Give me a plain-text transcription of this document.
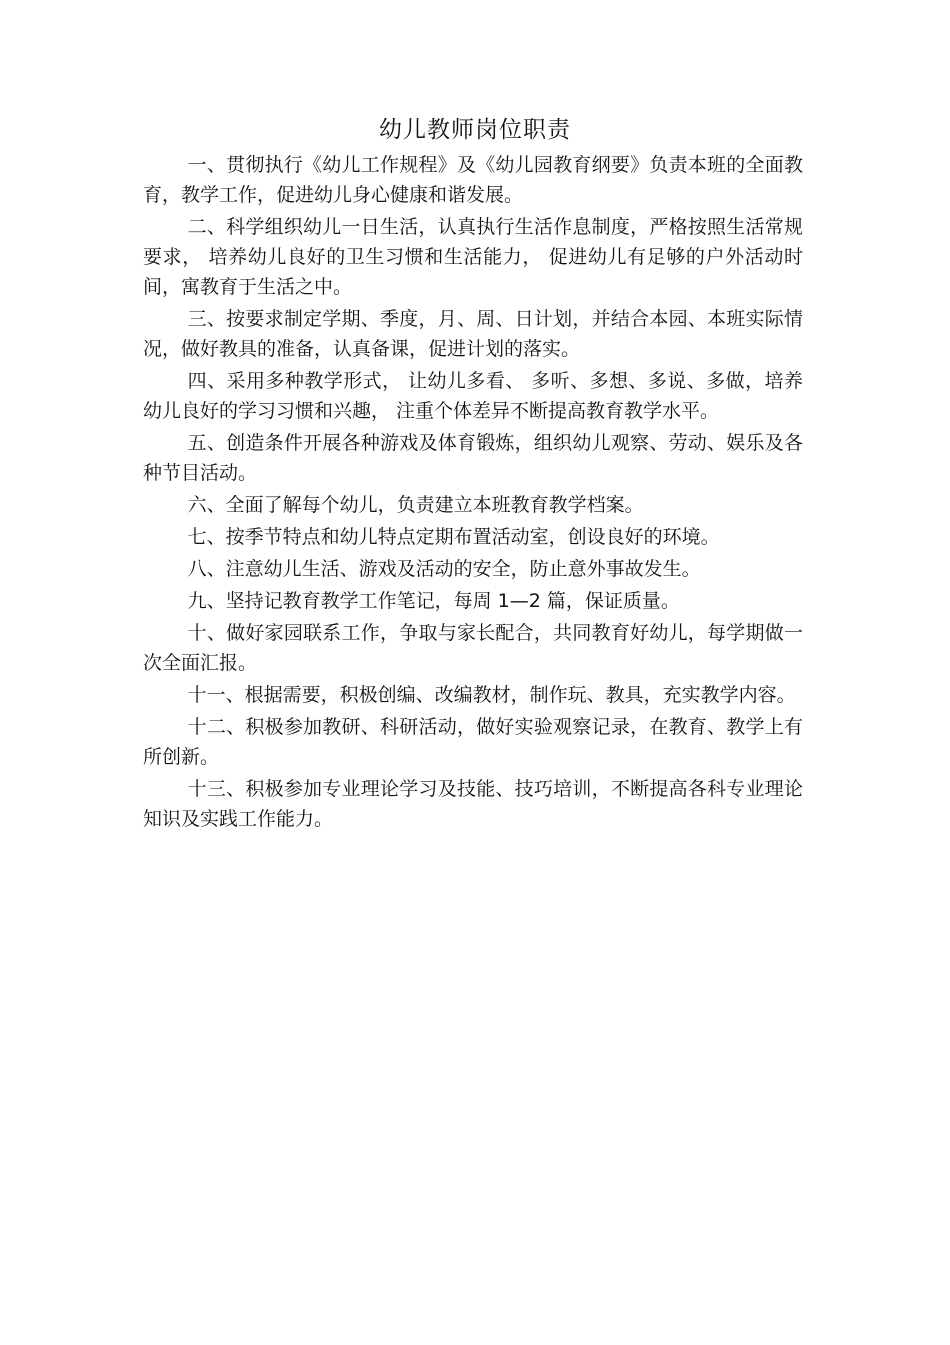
幼儿教师岗位职责

一、贯彻执行《幼儿工作规程》及《幼儿园教育纲要》负责本班的全面教育，教学工作，促进幼儿身心健康和谐发展。

二、科学组织幼儿一日生活，认真执行生活作息制度，严格按照生活常规要求， 培养幼儿良好的卫生习惯和生活能力， 促进幼儿有足够的户外活动时间，寓教育于生活之中。

三、按要求制定学期、季度，月、周、日计划，并结合本园、本班实际情况，做好教具的准备，认真备课，促进计划的落实。

四、采用多种教学形式， 让幼儿多看、 多听、多想、多说、多做，培养幼儿良好的学习习惯和兴趣， 注重个体差异不断提高教育教学水平。

五、创造条件开展各种游戏及体育锻炼，组织幼儿观察、劳动、娱乐及各种节目活动。

六、全面了解每个幼儿，负责建立本班教育教学档案。

七、按季节特点和幼儿特点定期布置活动室，创设良好的环境。

八、注意幼儿生活、游戏及活动的安全，防止意外事故发生。

九、坚持记教育教学工作笔记，每周 1—2 篇，保证质量。

十、做好家园联系工作，争取与家长配合，共同教育好幼儿，每学期做一次全面汇报。

十一、根据需要，积极创编、改编教材，制作玩、教具，充实教学内容。

十二、积极参加教研、科研活动，做好实验观察记录，在教育、教学上有所创新。

十三、积极参加专业理论学习及技能、技巧培训，不断提高各科专业理论知识及实践工作能力。
